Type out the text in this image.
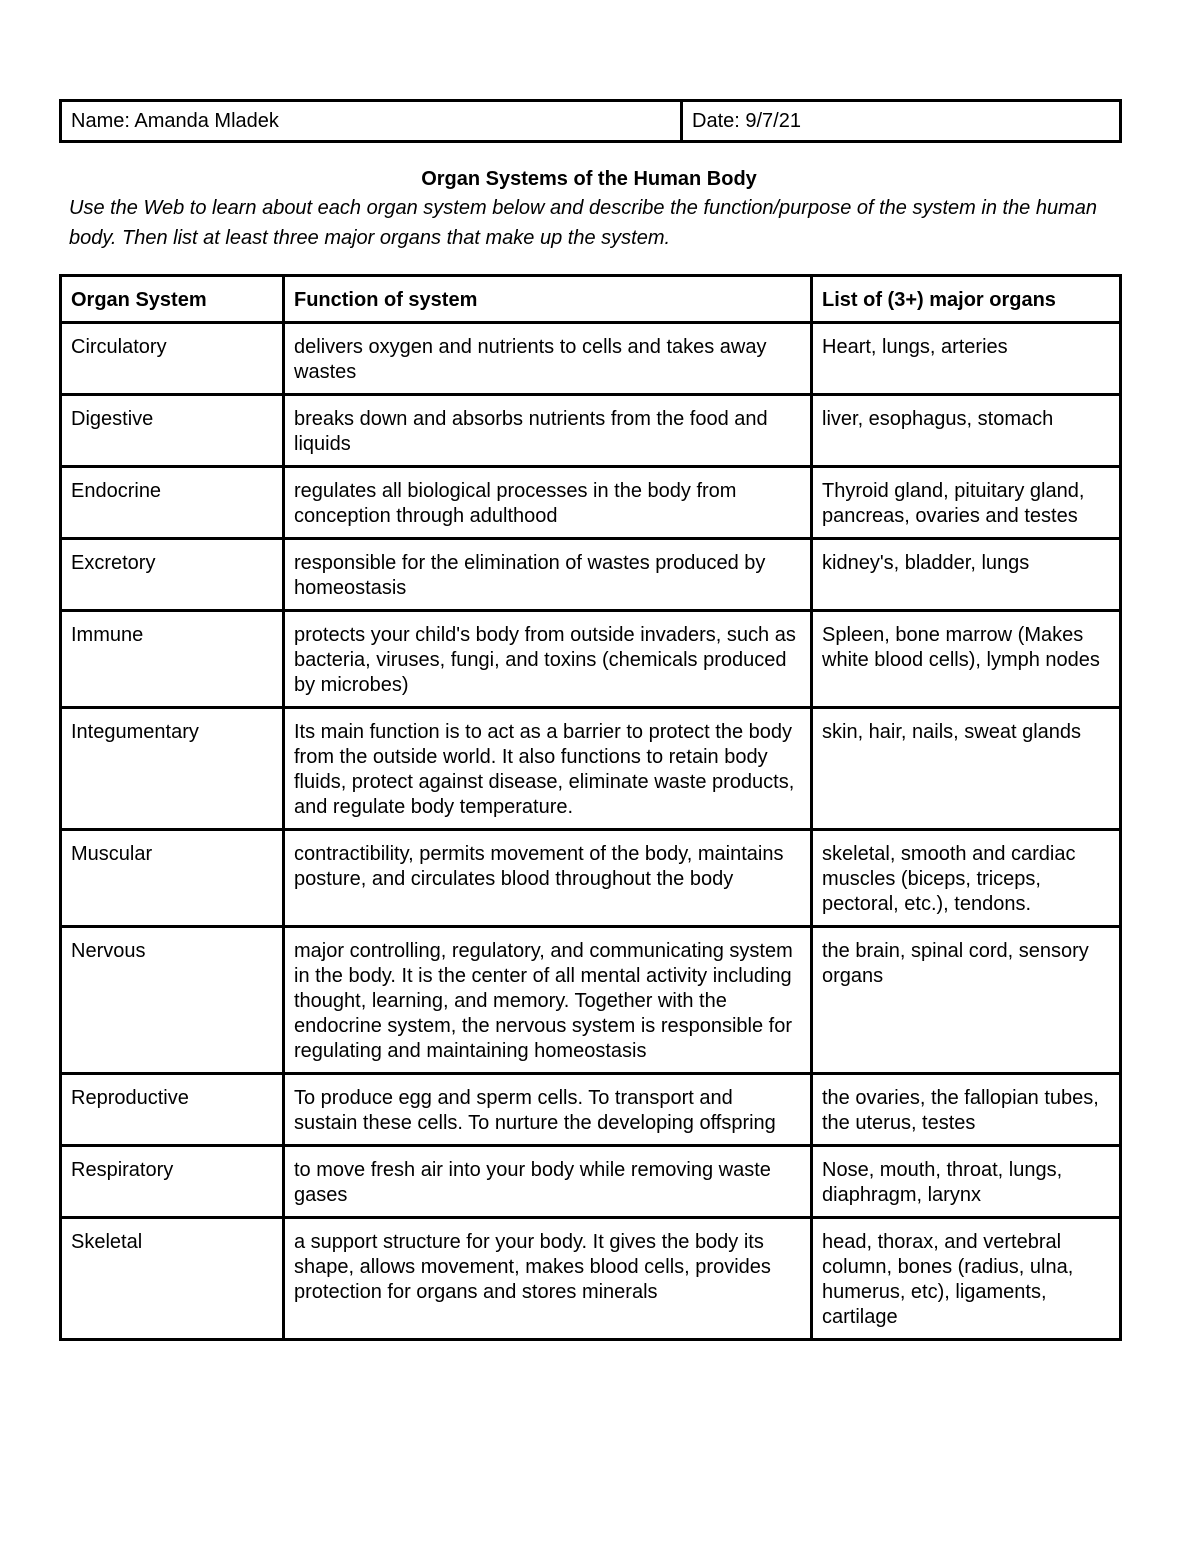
Name: Amanda Mladek	Date: 9/7/21
Organ Systems of the Human Body
Use the Web to learn about each organ system below and describe the function/purpose of the system in the human body. Then list at least three major organs that make up the system.
Organ System	Function of system	List of (3+) major organs
Circulatory	delivers oxygen and nutrients to cells and takes away wastes	Heart, lungs, arteries
Digestive	breaks down and absorbs nutrients from the food and liquids	liver, esophagus, stomach
Endocrine	regulates all biological processes in the body from conception through adulthood	Thyroid gland, pituitary gland, pancreas, ovaries and testes
Excretory	responsible for the elimination of wastes produced by homeostasis	kidney's, bladder, lungs
Immune	protects your child's body from outside invaders, such as bacteria, viruses, fungi, and toxins (chemicals produced by microbes)	Spleen, bone marrow (Makes white blood cells), lymph nodes
Integumentary	Its main function is to act as a barrier to protect the body from the outside world. It also functions to retain body fluids, protect against disease, eliminate waste products, and regulate body temperature.	skin, hair, nails, sweat glands
Muscular	contractibility, permits movement of the body, maintains posture, and circulates blood throughout the body	skeletal, smooth and cardiac muscles (biceps, triceps, pectoral, etc.), tendons.
Nervous	major controlling, regulatory, and communicating system in the body. It is the center of all mental activity including thought, learning, and memory. Together with the endocrine system, the nervous system is responsible for regulating and maintaining homeostasis	the brain, spinal cord, sensory organs
Reproductive	To produce egg and sperm cells. To transport and sustain these cells. To nurture the developing offspring	the ovaries, the fallopian tubes, the uterus, testes
Respiratory	to move fresh air into your body while removing waste gases	Nose, mouth, throat, lungs, diaphragm, larynx
Skeletal	a support structure for your body. It gives the body its shape, allows movement, makes blood cells, provides protection for organs and stores minerals	head, thorax, and vertebral column, bones (radius, ulna, humerus, etc), ligaments, cartilage
